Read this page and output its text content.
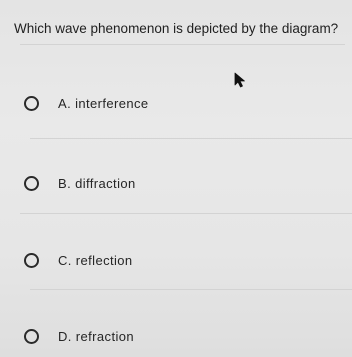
Which wave phenomenon is depicted by the diagram?
A. interference
B. diffraction
C. reflection
D. refraction
